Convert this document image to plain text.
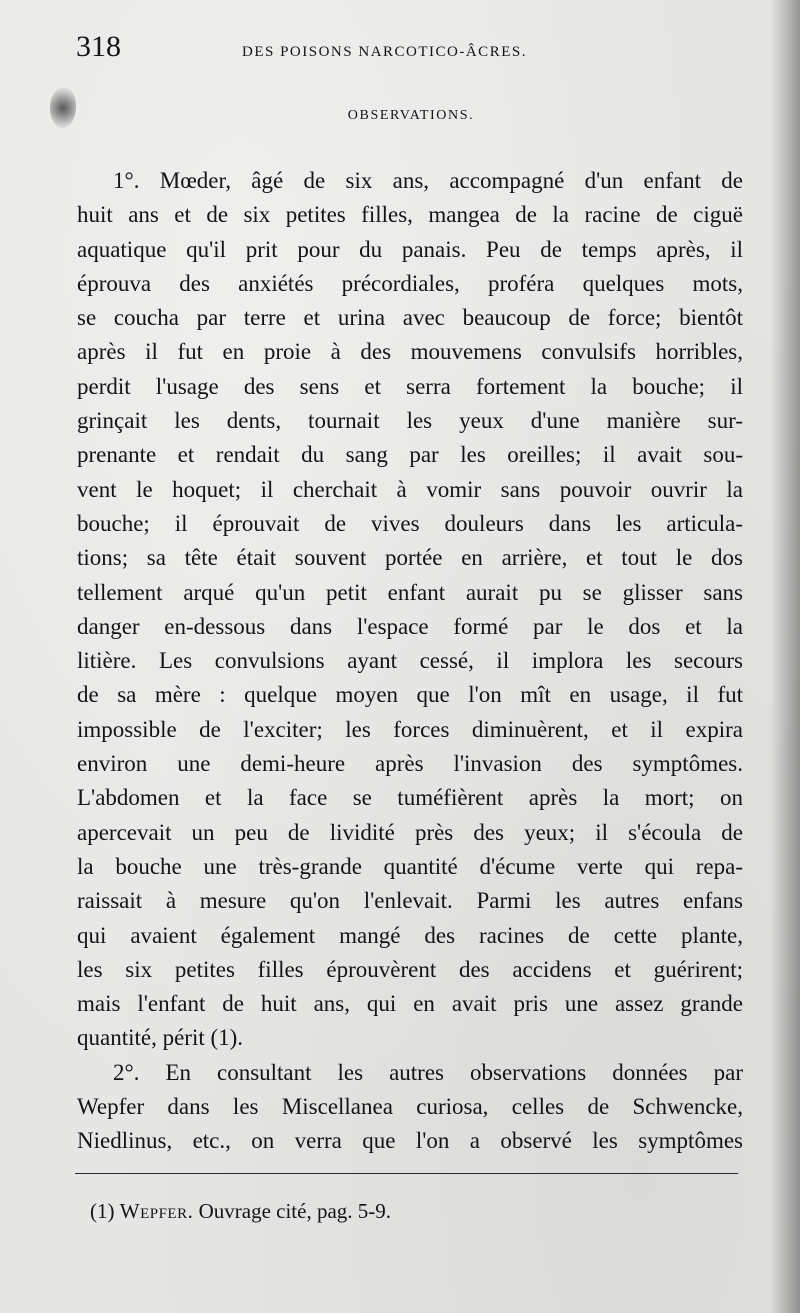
318	DES POISONS NARCOTICO-ÂCRES.
OBSERVATIONS.
1°. Mœder, âgé de six ans, accompagné d'un enfant de
huit ans et de six petites filles, mangea de la racine de ciguë
aquatique qu'il prit pour du panais. Peu de temps après, il
éprouva des anxiétés précordiales, proféra quelques mots,
se coucha par terre et urina avec beaucoup de force; bientôt
après il fut en proie à des mouvemens convulsifs horribles,
perdit l'usage des sens et serra fortement la bouche; il
grinçait les dents, tournait les yeux d'une manière sur-
prenante et rendait du sang par les oreilles; il avait sou-
vent le hoquet; il cherchait à vomir sans pouvoir ouvrir la
bouche; il éprouvait de vives douleurs dans les articula-
tions; sa tête était souvent portée en arrière, et tout le dos
tellement arqué qu'un petit enfant aurait pu se glisser sans
danger en-dessous dans l'espace formé par le dos et la
litière. Les convulsions ayant cessé, il implora les secours
de sa mère : quelque moyen que l'on mît en usage, il fut
impossible de l'exciter; les forces diminuèrent, et il expira
environ une demi-heure après l'invasion des symptômes.
L'abdomen et la face se tuméfièrent après la mort; on
apercevait un peu de lividité près des yeux; il s'écoula de
la bouche une très-grande quantité d'écume verte qui repa-
raissait à mesure qu'on l'enlevait. Parmi les autres enfans
qui avaient également mangé des racines de cette plante,
les six petites filles éprouvèrent des accidens et guérirent;
mais l'enfant de huit ans, qui en avait pris une assez grande
quantité, périt (1).
2°. En consultant les autres observations données par
Wepfer dans les Miscellanea curiosa, celles de Schwencke,
Niedlinus, etc., on verra que l'on a observé les symptômes
(1) Wepfer. Ouvrage cité, pag. 5-9.
